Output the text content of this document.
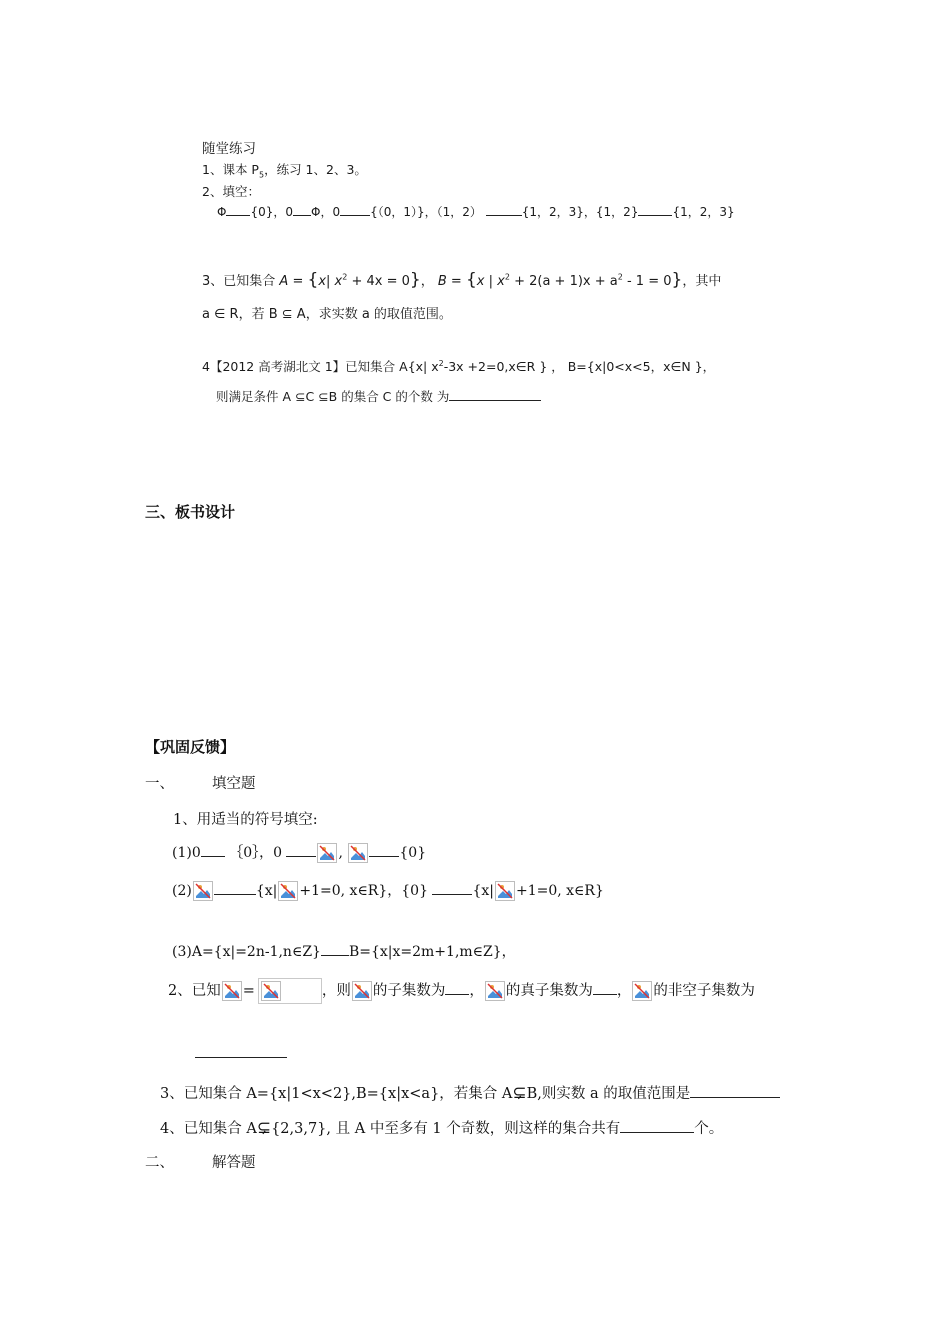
随堂练习
1、课本 $P_5$，练习 1、2、3。
2、填空：
Φ {0}，0 Φ，0	{（0，1）}，（1，2）	{1，2，3}，{1，2}	{1，2，3}
3、已知集合 A = {x| $x^2 + 4x = 0$}， B = {x | $x^2 + 2(a + 1)x + a^2 - 1 = 0$}，其中
a ∈ R，若 B ⊆ A，求实数 a 的取值范围。
4【2012 高考湖北文 1】已知集合 A{x| $x^2-3x$ +2=0,x∈R } ， B={x|0<x<5，x∈N }，
则满足条件 A ⊆C ⊆B 的集合 C 的个数 为
三、板书设计
【巩固反馈】
一、	填空题
1、用适当的符号填空:
(1)0 ｛0｝，0	,	{0}
(2)	{x| +1=0, x∈R}，{0}	{x| +1=0, x∈R}
(3)A={x|=2n-1,n∈Z} B={x|x=2m+1,m∈Z}，
2、已知 =	，则 的子集数为 ， 的真子集数为 ， 的非空子集数为
3、已知集合 A={x|1<x<2},B={x|x<a}，若集合 A⊊B,则实数 a 的取值范围是
4、已知集合 A⊊{2,3,7}, 且 A 中至多有 1 个奇数，则这样的集合共有	个。
二、	解答题
